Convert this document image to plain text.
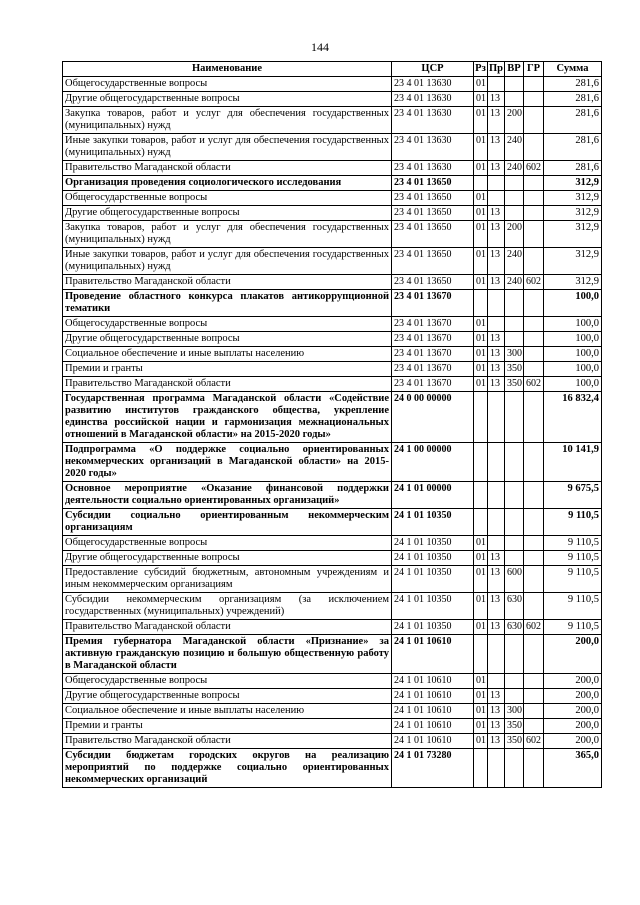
144
Наименование	ЦСР	Рз	Пр	ВР	ГР	Сумма
Общегосударственные вопросы	23 4 01 13630	01				281,6
Другие общегосударственные вопросы	23 4 01 13630	01	13			281,6
Закупка товаров, работ и услуг для обеспечения государственных (муниципальных) нужд	23 4 01 13630	01	13	200		281,6
Иные закупки товаров, работ и услуг для обеспечения государственных (муниципальных) нужд	23 4 01 13630	01	13	240		281,6
Правительство Магаданской области	23 4 01 13630	01	13	240	602	281,6
Организация проведения социологического исследования	23 4 01 13650					312,9
Общегосударственные вопросы	23 4 01 13650	01				312,9
Другие общегосударственные вопросы	23 4 01 13650	01	13			312,9
Закупка товаров, работ и услуг для обеспечения государственных (муниципальных) нужд	23 4 01 13650	01	13	200		312,9
Иные закупки товаров, работ и услуг для обеспечения государственных (муниципальных) нужд	23 4 01 13650	01	13	240		312,9
Правительство Магаданской области	23 4 01 13650	01	13	240	602	312,9
Проведение областного конкурса плакатов антикоррупционной тематики	23 4 01 13670					100,0
Общегосударственные вопросы	23 4 01 13670	01				100,0
Другие общегосударственные вопросы	23 4 01 13670	01	13			100,0
Социальное обеспечение и иные выплаты населению	23 4 01 13670	01	13	300		100,0
Премии и гранты	23 4 01 13670	01	13	350		100,0
Правительство Магаданской области	23 4 01 13670	01	13	350	602	100,0
Государственная программа Магаданской области «Содействие развитию институтов гражданского общества, укрепление единства российской нации и гармонизация межнациональных отношений в Магаданской области» на 2015-2020 годы»	24 0 00 00000					16 832,4
Подпрограмма «О поддержке социально ориентированных некоммерческих организаций в Магаданской области» на 2015-2020 годы»	24 1 00 00000					10 141,9
Основное мероприятие «Оказание финансовой поддержки деятельности социально ориентированных организаций»	24 1 01 00000					9 675,5
Субсидии социально ориентированным некоммерческим организациям	24 1 01 10350					9 110,5
Общегосударственные вопросы	24 1 01 10350	01				9 110,5
Другие общегосударственные вопросы	24 1 01 10350	01	13			9 110,5
Предоставление субсидий бюджетным, автономным учреждениям и иным некоммерческим организациям	24 1 01 10350	01	13	600		9 110,5
Субсидии некоммерческим организациям (за исключением государственных (муниципальных) учреждений)	24 1 01 10350	01	13	630		9 110,5
Правительство Магаданской области	24 1 01 10350	01	13	630	602	9 110,5
Премия губернатора Магаданской области «Признание» за активную гражданскую позицию и большую общественную работу в Магаданской области	24 1 01 10610					200,0
Общегосударственные вопросы	24 1 01 10610	01				200,0
Другие общегосударственные вопросы	24 1 01 10610	01	13			200,0
Социальное обеспечение и иные выплаты населению	24 1 01 10610	01	13	300		200,0
Премии и гранты	24 1 01 10610	01	13	350		200,0
Правительство Магаданской области	24 1 01 10610	01	13	350	602	200,0
Субсидии бюджетам городских округов на реализацию мероприятий по поддержке социально ориентированных некоммерческих организаций	24 1 01 73280					365,0
